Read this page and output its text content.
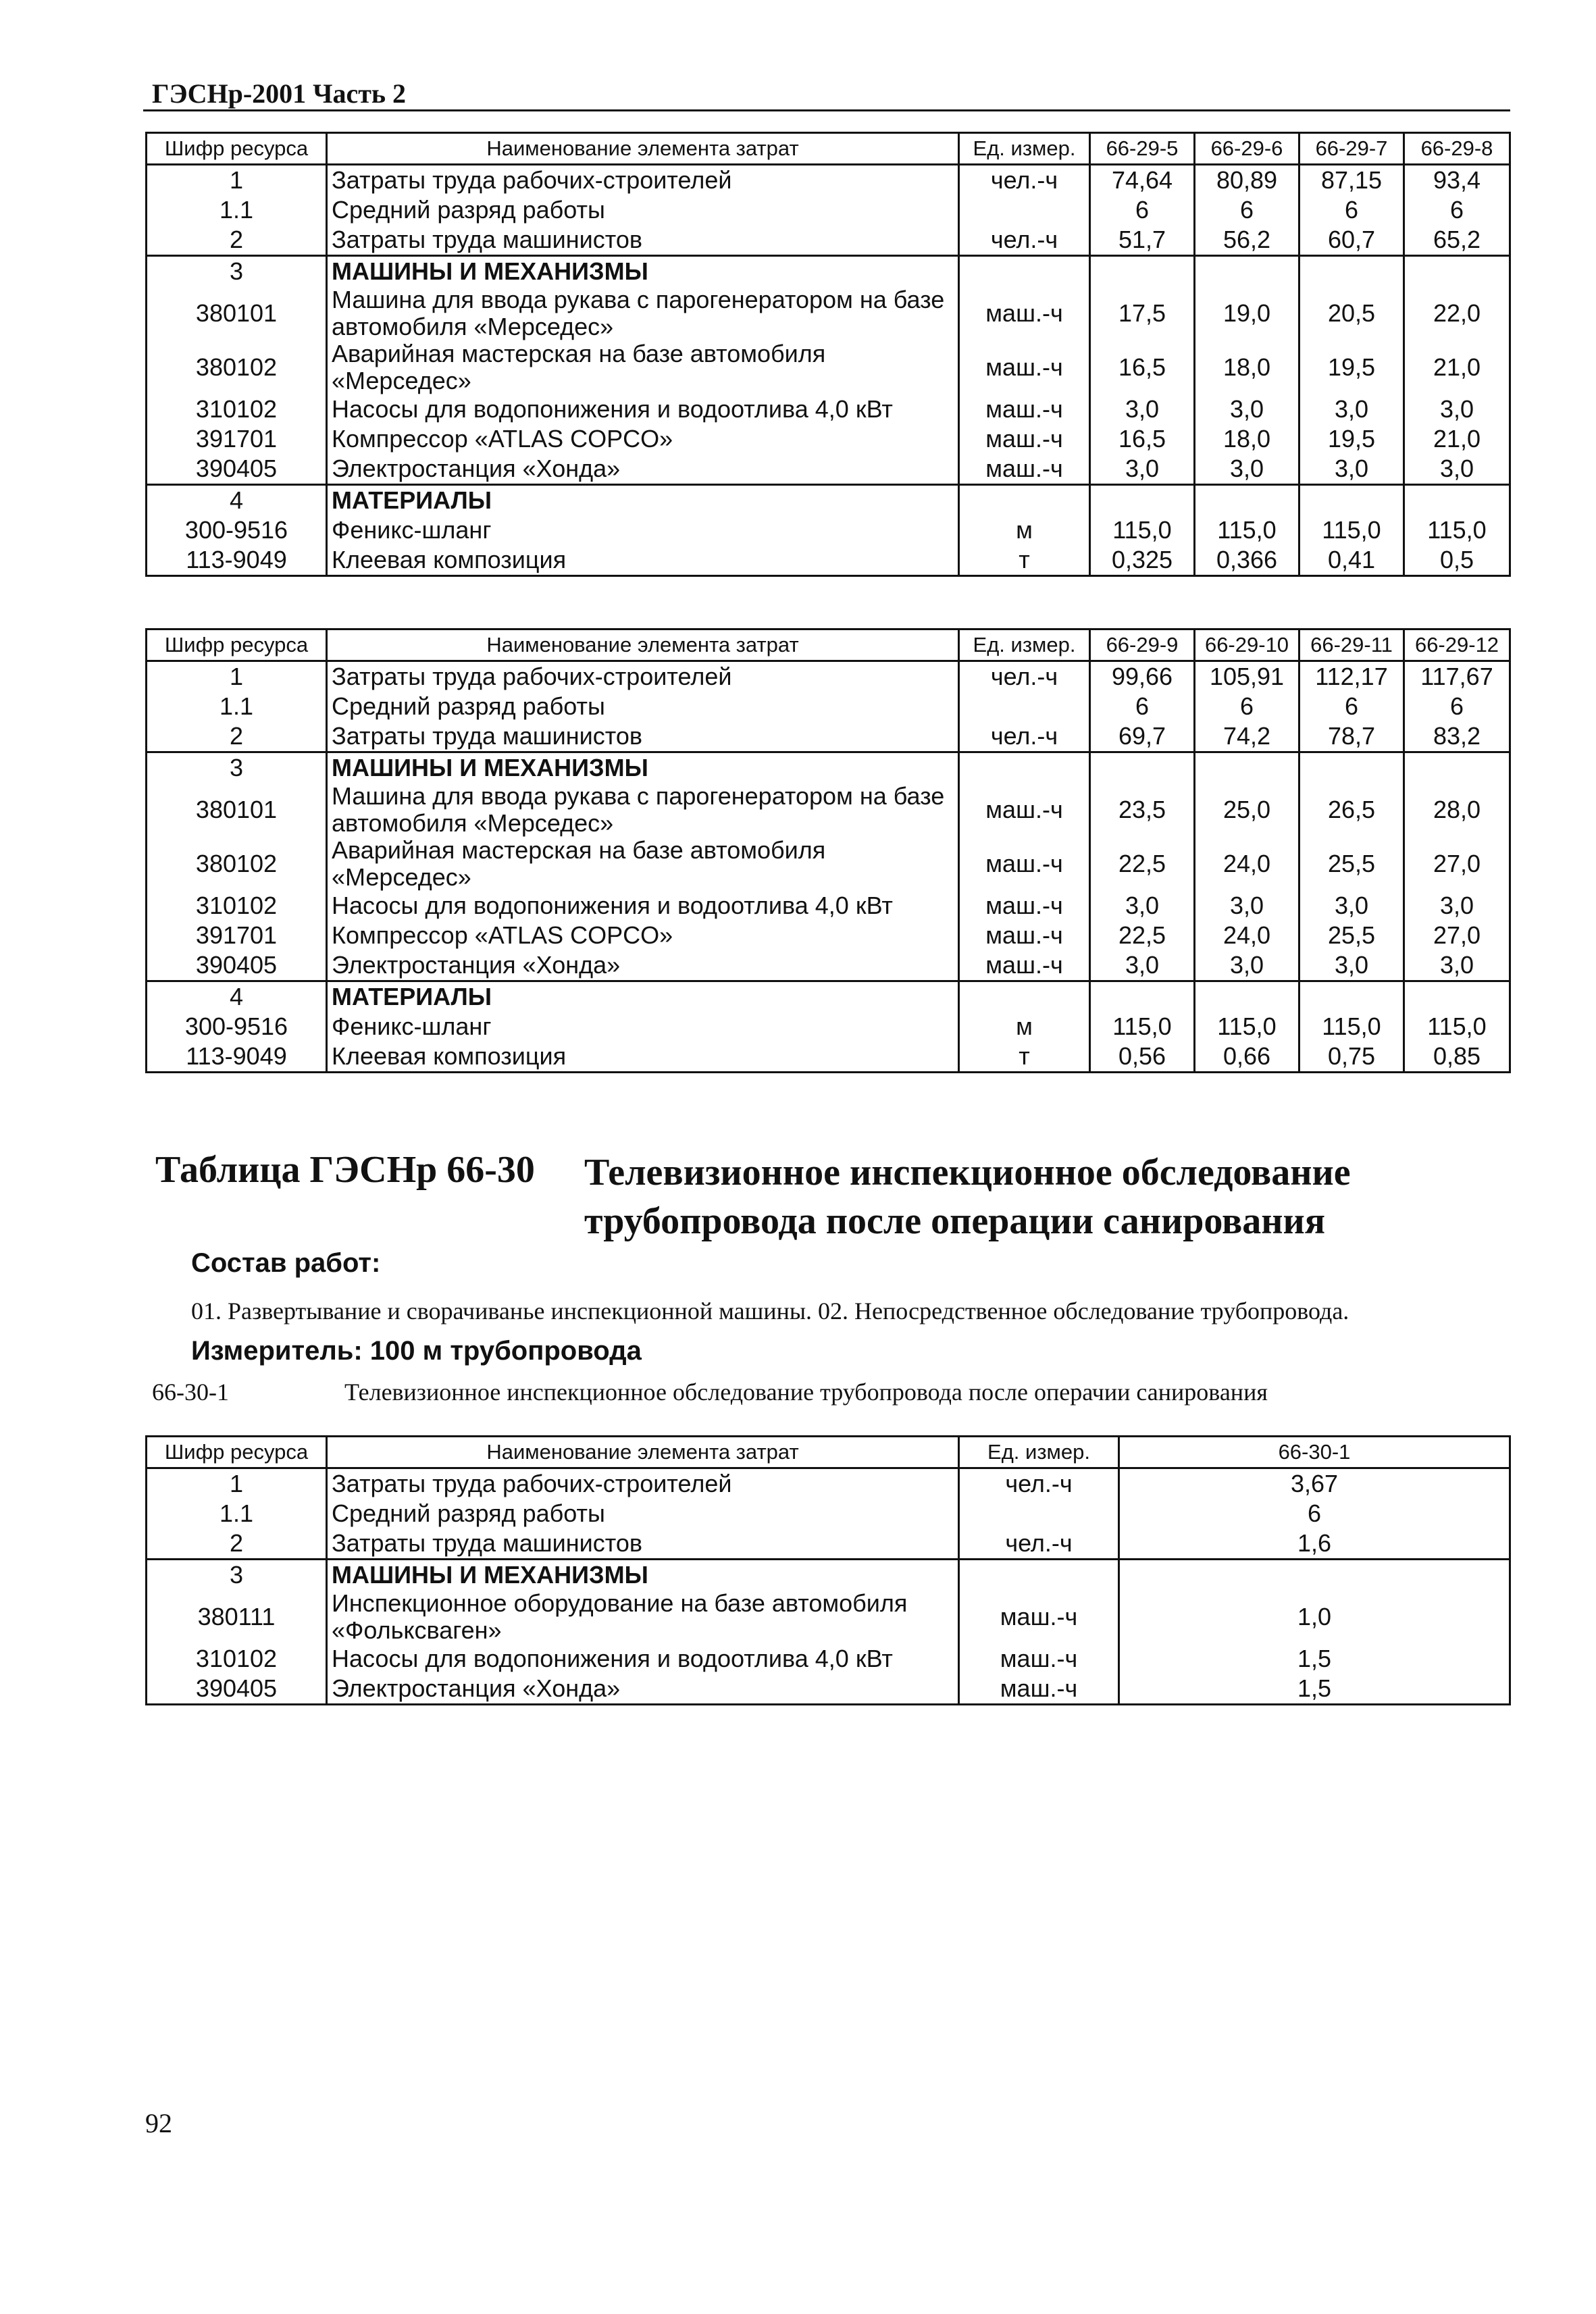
ГЭСНр-2001 Часть 2
Шифр ресурса	Наименование элемента затрат	Ед. измер.	66-29-5	66-29-6	66-29-7	66-29-8
1	Затраты труда рабочих-строителей	чел.-ч	74,64	80,89	87,15	93,4
1.1	Средний разряд работы		6	6	6	6
2	Затраты труда машинистов	чел.-ч	51,7	56,2	60,7	65,2
3	МАШИНЫ И МЕХАНИЗМЫ					
380101	Машина для ввода рукава с парогенератором на базе автомобиля «Мерседес»	маш.-ч	17,5	19,0	20,5	22,0
380102	Аварийная мастерская на базе автомобиля «Мерседес»	маш.-ч	16,5	18,0	19,5	21,0
310102	Насосы для водопонижения и водоотлива 4,0 кВт	маш.-ч	3,0	3,0	3,0	3,0
391701	Компрессор «ATLAS COPCO»	маш.-ч	16,5	18,0	19,5	21,0
390405	Электростанция «Хонда»	маш.-ч	3,0	3,0	3,0	3,0
4	МАТЕРИАЛЫ					
300-9516	Феникс-шланг	м	115,0	115,0	115,0	115,0
113-9049	Клеевая композиция	т	0,325	0,366	0,41	0,5
Шифр ресурса	Наименование элемента затрат	Ед. измер.	66-29-9	66-29-10	66-29-11	66-29-12
1	Затраты труда рабочих-строителей	чел.-ч	99,66	105,91	112,17	117,67
1.1	Средний разряд работы		6	6	6	6
2	Затраты труда машинистов	чел.-ч	69,7	74,2	78,7	83,2
3	МАШИНЫ И МЕХАНИЗМЫ					
380101	Машина для ввода рукава с парогенератором на базе автомобиля «Мерседес»	маш.-ч	23,5	25,0	26,5	28,0
380102	Аварийная мастерская на базе автомобиля «Мерседес»	маш.-ч	22,5	24,0	25,5	27,0
310102	Насосы для водопонижения и водоотлива 4,0 кВт	маш.-ч	3,0	3,0	3,0	3,0
391701	Компрессор «ATLAS COPCO»	маш.-ч	22,5	24,0	25,5	27,0
390405	Электростанция «Хонда»	маш.-ч	3,0	3,0	3,0	3,0
4	МАТЕРИАЛЫ					
300-9516	Феникс-шланг	м	115,0	115,0	115,0	115,0
113-9049	Клеевая композиция	т	0,56	0,66	0,75	0,85
Таблица ГЭСНр 66-30 Телевизионное инспекционное обследование трубопровода после операции санирования
Состав работ:
01. Развертывание и сворачиванье инспекционной машины. 02. Непосредственное обследование трубопровода.
Измеритель: 100 м трубопровода
66-30-1	Телевизионное инспекционное обследование трубопровода после операчии санирования
Шифр ресурса	Наименование элемента затрат	Ед. измер.	66-30-1
1	Затраты труда рабочих-строителей	чел.-ч	3,67
1.1	Средний разряд работы		6
2	Затраты труда машинистов	чел.-ч	1,6
3	МАШИНЫ И МЕХАНИЗМЫ		
380111	Инспекционное оборудование на базе автомобиля «Фольксваген»	маш.-ч	1,0
310102	Насосы для водопонижения и водоотлива 4,0 кВт	маш.-ч	1,5
390405	Электростанция «Хонда»	маш.-ч	1,5
92
